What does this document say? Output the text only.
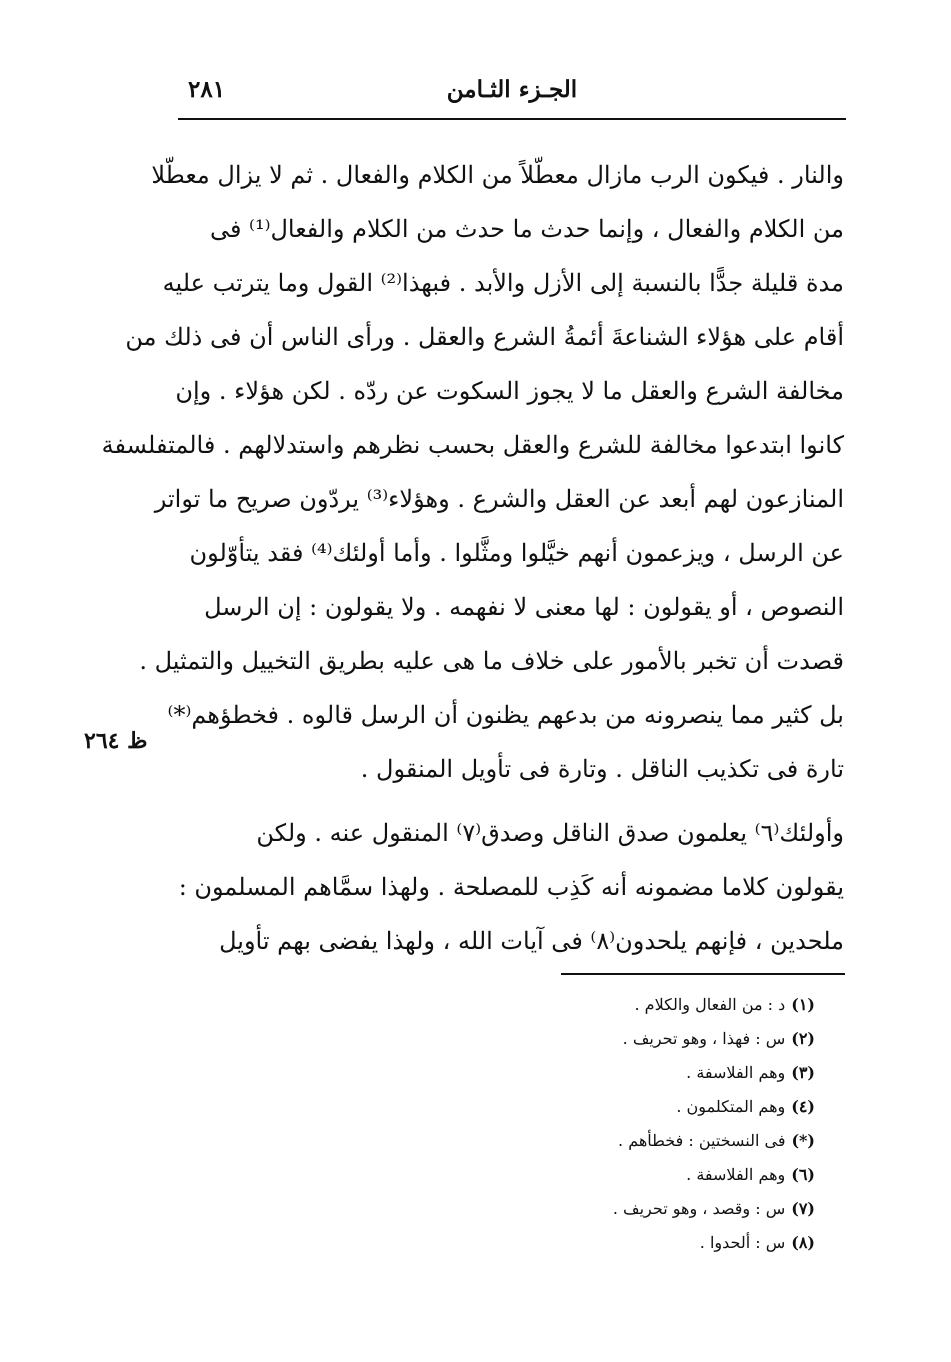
الجـزء الثـامن
٢٨١
والنار . فيكون الرب مازال معطّلاً من الكلام والفعال . ثم لا يزال معطّلا
من الكلام والفعال ، وإنما حدث ما حدث من الكلام والفعال⁽¹⁾ فى
مدة قليلة جدًّا بالنسبة إلى الأزل والأبد . فبهذا⁽²⁾ القول وما يترتب عليه
أقام على هؤلاء الشناعةَ أئمةُ الشرع والعقل . ورأى الناس أن فى ذلك من
مخالفة الشرع والعقل ما لا يجوز السكوت عن ردّه . لكن هؤلاء . وإن
كانوا ابتدعوا مخالفة للشرع والعقل بحسب نظرهم واستدلالهم . فالمتفلسفة
المنازعون لهم أبعد عن العقل والشرع . وهؤلاء⁽³⁾ يردّون صريح ما تواتر
عن الرسل ، ويزعمون أنهم خيَّلوا ومثَّلوا . وأما أولئك⁽⁴⁾ فقد يتأوّلون
النصوص ، أو يقولون : لها معنى لا نفهمه . ولا يقولون : إن الرسل
قصدت أن تخبر بالأمور على خلاف ما هى عليه بطريق التخييل والتمثيل .
بل كثير مما ينصرونه من بدعهم يظنون أن الرسل قالوه . فخطؤهم⁽*⁾
تارة فى تكذيب الناقل . وتارة فى تأويل المنقول .
وأولئك⁽٦⁾ يعلمون صدق الناقل وصدق⁽٧⁾ المنقول عنه . ولكن
يقولون كلاما مضمونه أنه كَذِب للمصلحة . ولهذا سمَّاهم المسلمون :
ملحدين ، فإنهم يلحدون⁽٨⁾ فى آيات الله ، ولهذا يفضى بهم تأويل
ظ ٢٦٤
(١)د : من الفعال والكلام .
(٢)س : فهذا ، وهو تحريف .
(٣)وهم الفلاسفة .
(٤)وهم المتكلمون .
(*)فى النسختين : فخطأهم .
(٦)وهم الفلاسفة .
(٧)س : وقصد ، وهو تحريف .
(٨)س : ألحدوا .
